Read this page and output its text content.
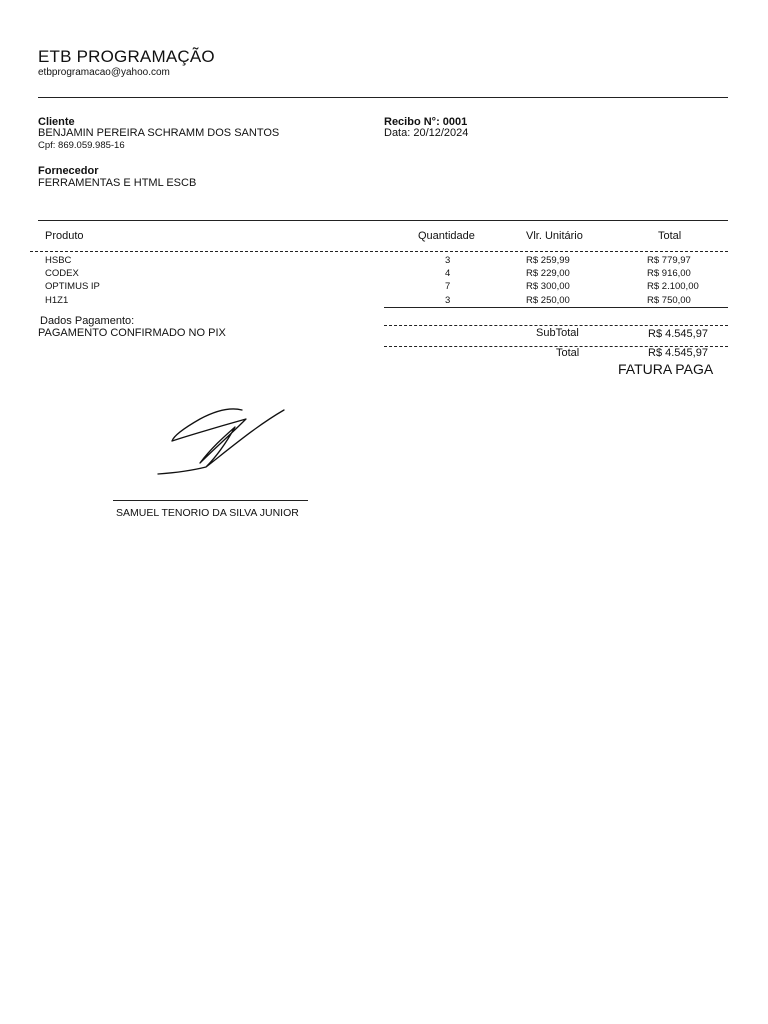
ETB PROGRAMAÇÃO
etbprogramacao@yahoo.com
Cliente
BENJAMIN PEREIRA SCHRAMM DOS SANTOS
Cpf: 869.059.985-16
Recibo N°: 0001
Data: 20/12/2024
Fornecedor
FERRAMENTAS E HTML ESCB
Produto	Quantidade	Vlr. Unitário	Total
HSBC	3	R$ 259,99	R$ 779,97
CODEX	4	R$ 229,00	R$ 916,00
OPTIMUS IP	7	R$ 300,00	R$ 2.100,00
H1Z1	3	R$ 250,00	R$ 750,00
Dados Pagamento:
PAGAMENTO CONFIRMADO NO PIX	SubTotal	R$ 4.545,97
Total	R$ 4.545,97
FATURA PAGA
SAMUEL TENORIO DA SILVA JUNIOR
